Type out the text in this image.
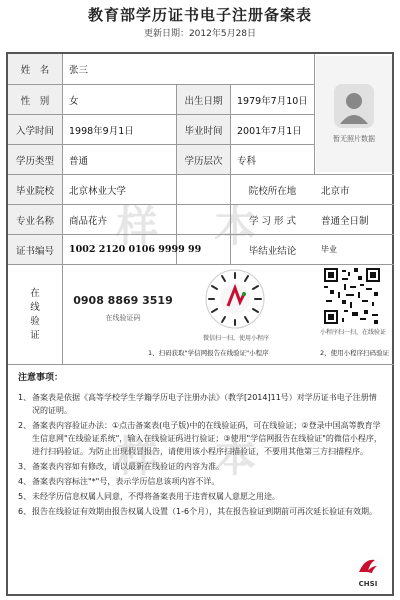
教育部学历证书电子注册备案表
更新日期：2012年5月28日
姓　名	张三
性　别	女	出生日期	1979年7月10日
入学时间	1998年9月1日	毕业时间	2001年7月1日
学历类型	普通	学历层次	专科
暂无照片数据
毕业院校	北京林业大学	院校所在地	北京市
专业名称	商品花卉	学 习 形 式	普通全日制
证书编号	1002 2120 0106 9999 99	毕结业结论	毕业
在线验证
0908 8869 3519
在线验证码
微信扫一扫，使用小程序
小程序扫一扫，在线验证
1、扫码获取"学信网报告在线验证"小程序	2、使用小程序扫码验证
注意事项：
1、 备案表是依据《高等学校学生学籍学历电子注册办法》（教学[2014]11号）对学历证书电子注册情况的证明。
2、 备案表内容验证办法：①点击备案表(电子版)中的在线验证码，可在线验证；②登录中国高等教育学生信息网"在线验证系统"，输入在线验证码进行验证；③使用"学信网报告在线验证"的微信小程序，进行扫码验证。为防止出现假冒报告，请使用该小程序扫描验证，不要用其他第三方扫描程序。
3、 备案表内容如有修改，请以最新在线验证的内容为准。
4、 备案表内容标注"*"号，表示学历信息该项内容不详。
5、 未经学历信息权属人同意，不得将备案表用于违背权属人意愿之用途。
6、 报告在线验证有效期由报告权属人设置（1-6个月），其在报告验证到期前可再次延长验证有效期。
样 本
样 本
CHSI
